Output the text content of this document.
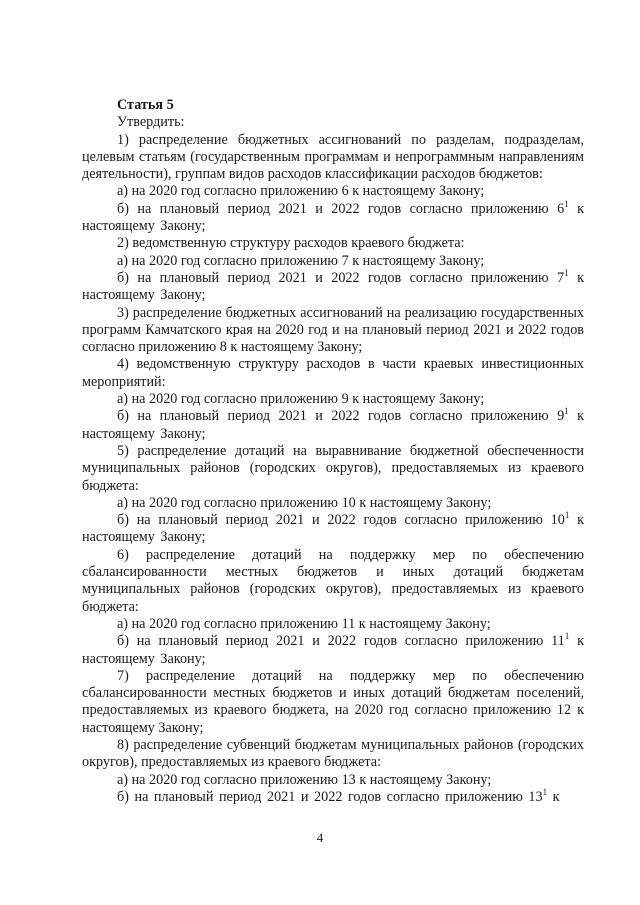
Статья 5

Утвердить:

1) распределение бюджетных ассигнований по разделам, подразделам, целевым статьям (государственным программам и непрограммным направлениям деятельности), группам видов расходов классификации расходов бюджетов:

а) на 2020 год согласно приложению 6 к настоящему Закону;

б) на плановый период 2021 и 2022 годов согласно приложению $6^1$ к настоящему Закону;

2) ведомственную структуру расходов краевого бюджета:

а) на 2020 год согласно приложению 7 к настоящему Закону;

б) на плановый период 2021 и 2022 годов согласно приложению $7^1$ к настоящему Закону;

3) распределение бюджетных ассигнований на реализацию государственных программ Камчатского края на 2020 год и на плановый период 2021 и 2022 годов согласно приложению 8 к настоящему Закону;

4) ведомственную структуру расходов в части краевых инвестиционных мероприятий:

а) на 2020 год согласно приложению 9 к настоящему Закону;

б) на плановый период 2021 и 2022 годов согласно приложению $9^1$ к настоящему Закону;

5) распределение дотаций на выравнивание бюджетной обеспеченности муниципальных районов (городских округов), предоставляемых из краевого бюджета:

а) на 2020 год согласно приложению 10 к настоящему Закону;

б) на плановый период 2021 и 2022 годов согласно приложению $10^1$ к настоящему Закону;

6) распределение дотаций на поддержку мер по обеспечению сбалансированности местных бюджетов и иных дотаций бюджетам муниципальных районов (городских округов), предоставляемых из краевого бюджета:

а) на 2020 год согласно приложению 11 к настоящему Закону;

б) на плановый период 2021 и 2022 годов согласно приложению $11^1$ к настоящему Закону;

7) распределение дотаций на поддержку мер по обеспечению сбалансированности местных бюджетов и иных дотаций бюджетам поселений, предоставляемых из краевого бюджета, на 2020 год согласно приложению 12 к настоящему Закону;

8) распределение субвенций бюджетам муниципальных районов (городских округов), предоставляемых из краевого бюджета:

а) на 2020 год согласно приложению 13 к настоящему Закону;

б) на плановый период 2021 и 2022 годов согласно приложению $13^1$ к

4
